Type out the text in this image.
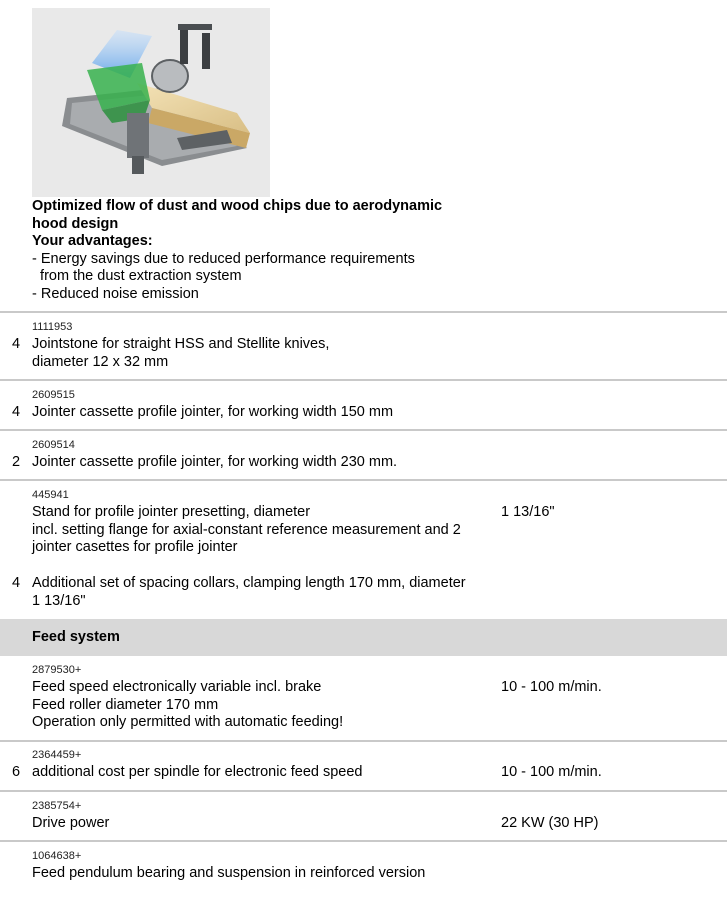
Optimized flow of dust and wood chips due to aerodynamic
hood design
Your advantages:
- Energy savings due to reduced performance requirements
from the dust extraction system
- Reduced noise emission
1111953
4 Jointstone for straight HSS and Stellite knives,
diameter 12 x 32 mm
2609515
4 Jointer cassette profile jointer, for working width 150 mm
2609514
2 Jointer cassette profile jointer, for working width 230 mm.
445941
Stand for profile jointer presetting, diameter
incl. setting flange for axial-constant reference measurement and 2
jointer casettes for profile jointer
1 13/16"
4 Additional set of spacing collars, clamping length 170 mm, diameter
1 13/16"
Feed system
2879530+
Feed speed electronically variable incl. brake
Feed roller diameter 170 mm
Operation only permitted with automatic feeding!
10 - 100 m/min.
2364459+
6 additional cost per spindle for electronic feed speed	10 - 100 m/min.
2385754+
Drive power	22 KW (30 HP)
1064638+
Feed pendulum bearing and suspension in reinforced version
